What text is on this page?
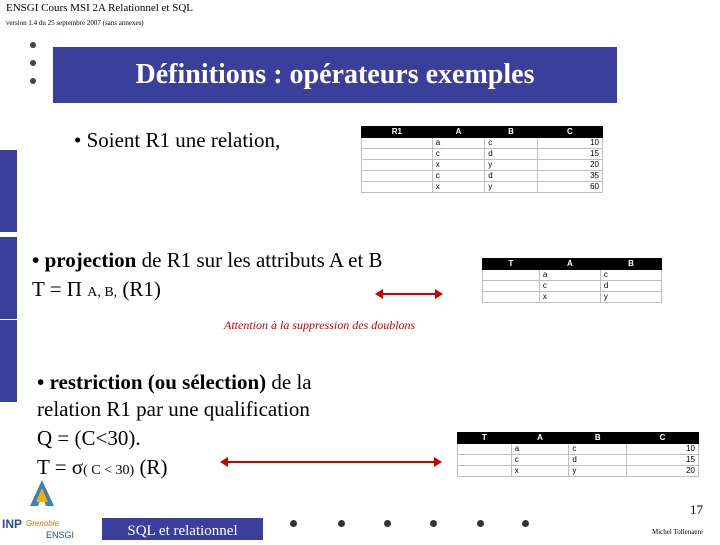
ENSGI Cours MSI 2A Relationnel et SQL
version 1.4 du 25 septembre 2007 (sans annexes)
Définitions : opérateurs exemples
• Soient R1 une relation,	R1	A	B	C
	a	c	10
	c	d	15
	x	y	20
	c	d	35
	x	y	60
• projection de R1 sur les attributs A et B
T = Π A, B, (R1)
T	A	B
	a	c
	c	d
	x	y
Attention à la suppression des doublons
• restriction (ou sélection) de la
relation R1 par une qualification
Q = (C<30).
T = σ( C < 30) (R)
T	A	B	C
	a	c	10
	c	d	15
	x	y	20
INP Grenoble
ENSGI	SQL et relationnel
17
Michel Tollenaere
